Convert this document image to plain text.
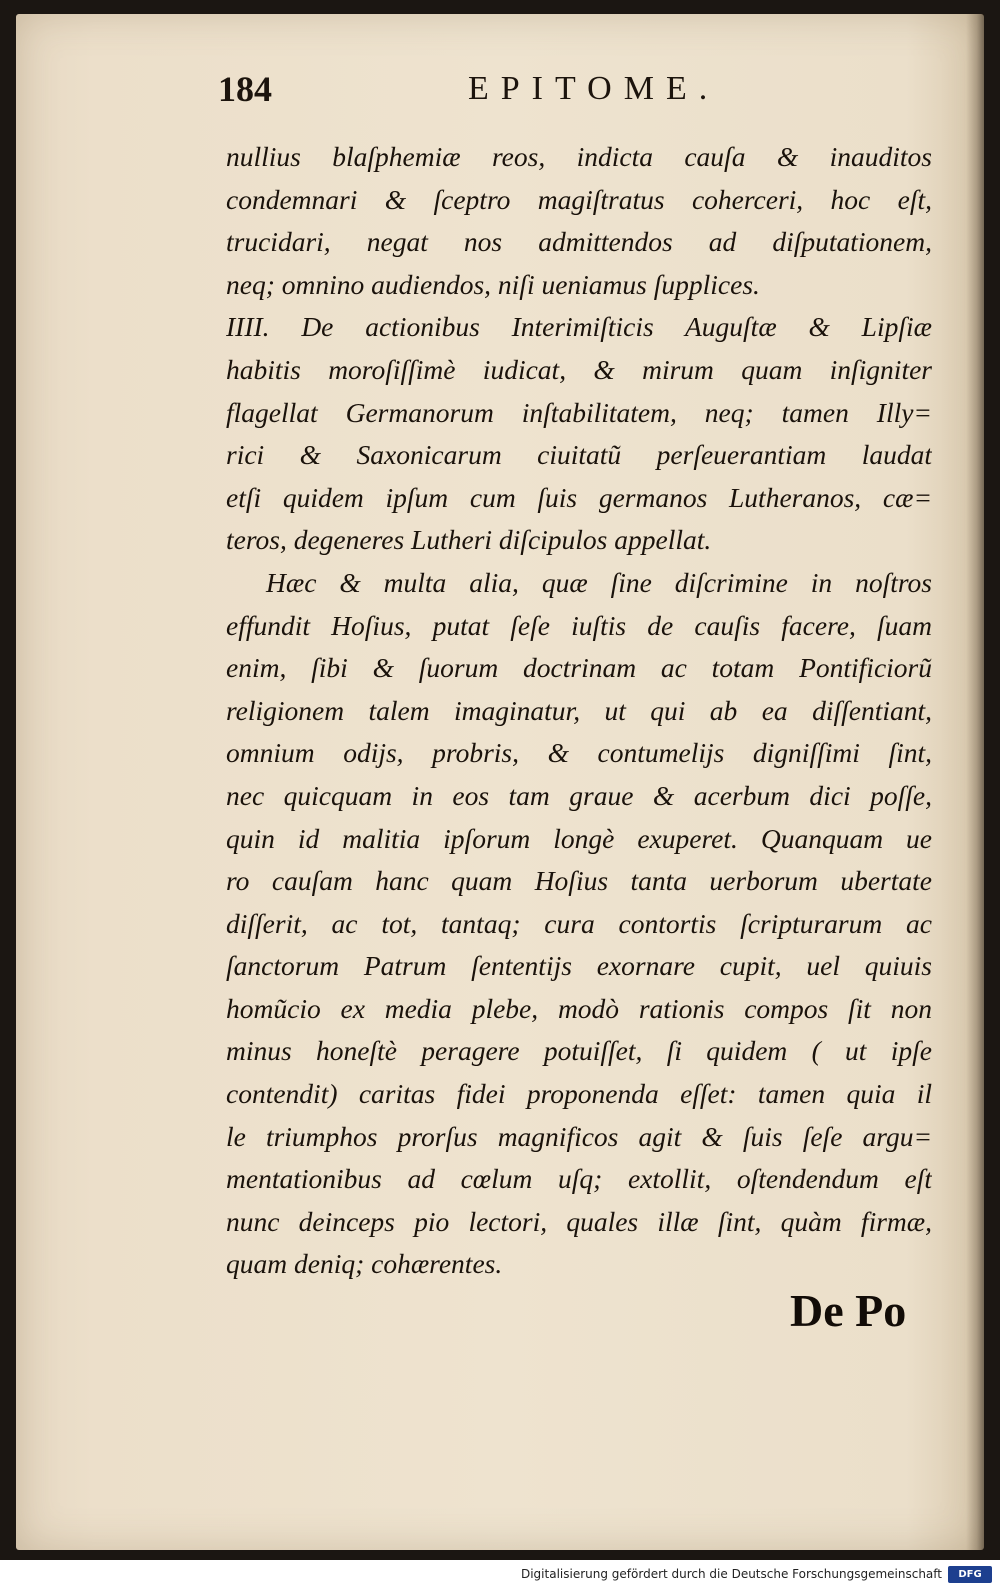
184	EPITOME.
nullius blaſphemiæ reos, indicta cauſa & inauditos
condemnari & ſceptro magiſtratus coherceri, hoc eſt,
trucidari, negat nos admittendos ad diſputationem,
neq; omnino audiendos, niſi ueniamus ſupplices.
IIII. De actionibus Interimiſticis Auguſtæ & Lipſiæ
habitis moroſiſſimè iudicat, & mirum quam inſigniter
flagellat Germanorum inſtabilitatem, neq; tamen Illy=
rici & Saxonicarum ciuitatũ perſeuerantiam laudat
etſi quidem ipſum cum ſuis germanos Lutheranos, cæ=
teros, degeneres Lutheri diſcipulos appellat.
Hæc & multa alia, quæ ſine diſcrimine in noſtros
effundit Hoſius, putat ſeſe iuſtis de cauſis facere, ſuam
enim, ſibi & ſuorum doctrinam ac totam Pontificiorũ
religionem talem imaginatur, ut qui ab ea diſſentiant,
omnium odijs, probris, & contumelijs digniſſimi ſint,
nec quicquam in eos tam graue & acerbum dici poſſe,
quin id malitia ipſorum longè exuperet. Quanquam ue
ro cauſam hanc quam Hoſius tanta uerborum ubertate
diſſerit, ac tot, tantaq; cura contortis ſcripturarum ac
ſanctorum Patrum ſententijs exornare cupit, uel quiuis
homũcio ex media plebe, modò rationis compos ſit non
minus honeſtè peragere potuiſſet, ſi quidem ( ut ipſe
contendit) caritas fidei proponenda eſſet: tamen quia il
le triumphos prorſus magnificos agit & ſuis ſeſe argu=
mentationibus ad cœlum uſq; extollit, oſtendendum eſt
nunc deinceps pio lectori, quales illæ ſint, quàm firmæ,
quam deniq; cohærentes.
De Po
Digitalisierung gefördert durch die Deutsche Forschungsgemeinschaft	DFG
